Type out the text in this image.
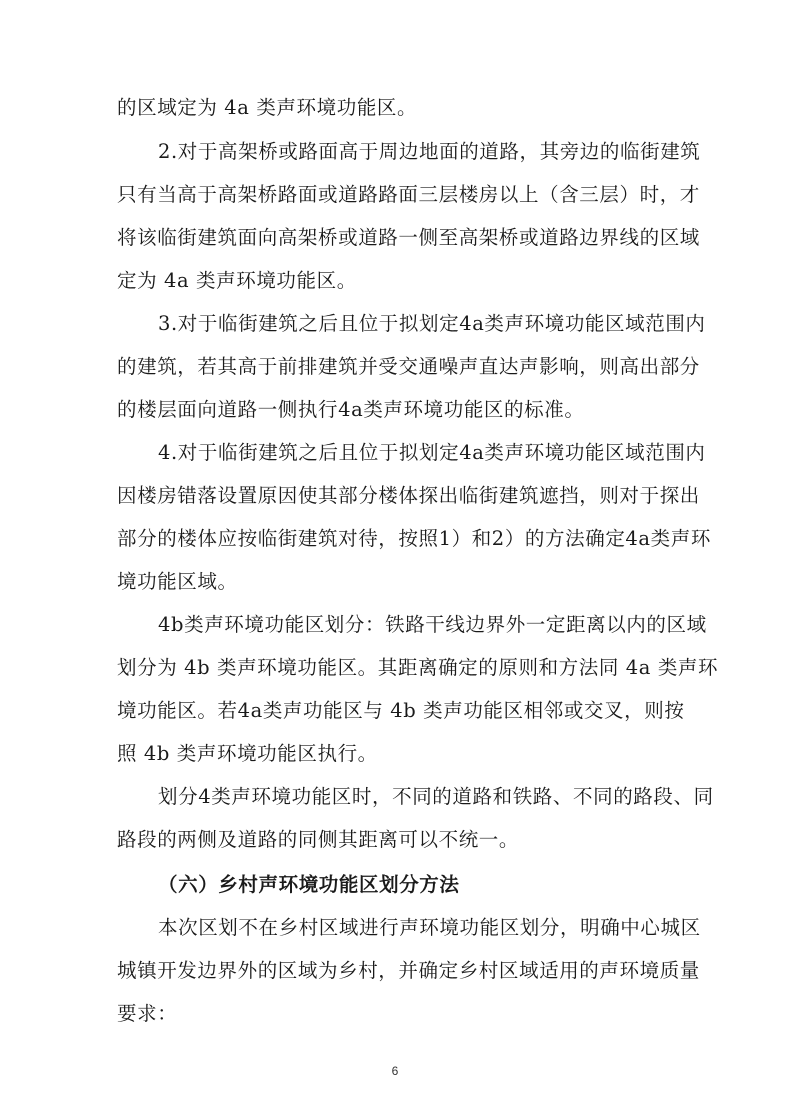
的区域定为 4a 类声环境功能区。
2.对于高架桥或路面高于周边地面的道路，其旁边的临街建筑
只有当高于高架桥路面或道路路面三层楼房以上（含三层）时，才
将该临街建筑面向高架桥或道路一侧至高架桥或道路边界线的区域
定为 4a 类声环境功能区。
3.对于临街建筑之后且位于拟划定4a类声环境功能区域范围内
的建筑，若其高于前排建筑并受交通噪声直达声影响，则高出部分
的楼层面向道路一侧执行4a类声环境功能区的标准。
4.对于临街建筑之后且位于拟划定4a类声环境功能区域范围内
因楼房错落设置原因使其部分楼体探出临街建筑遮挡，则对于探出
部分的楼体应按临街建筑对待，按照1）和2）的方法确定4a类声环
境功能区域。
4b类声环境功能区划分：铁路干线边界外一定距离以内的区域
划分为 4b 类声环境功能区。其距离确定的原则和方法同 4a 类声环
境功能区。若4a类声功能区与 4b 类声功能区相邻或交叉，则按
照 4b 类声环境功能区执行。
划分4类声环境功能区时，不同的道路和铁路、不同的路段、同
路段的两侧及道路的同侧其距离可以不统一。
（六）乡村声环境功能区划分方法
本次区划不在乡村区域进行声环境功能区划分，明确中心城区
城镇开发边界外的区域为乡村，并确定乡村区域适用的声环境质量
要求：
6
